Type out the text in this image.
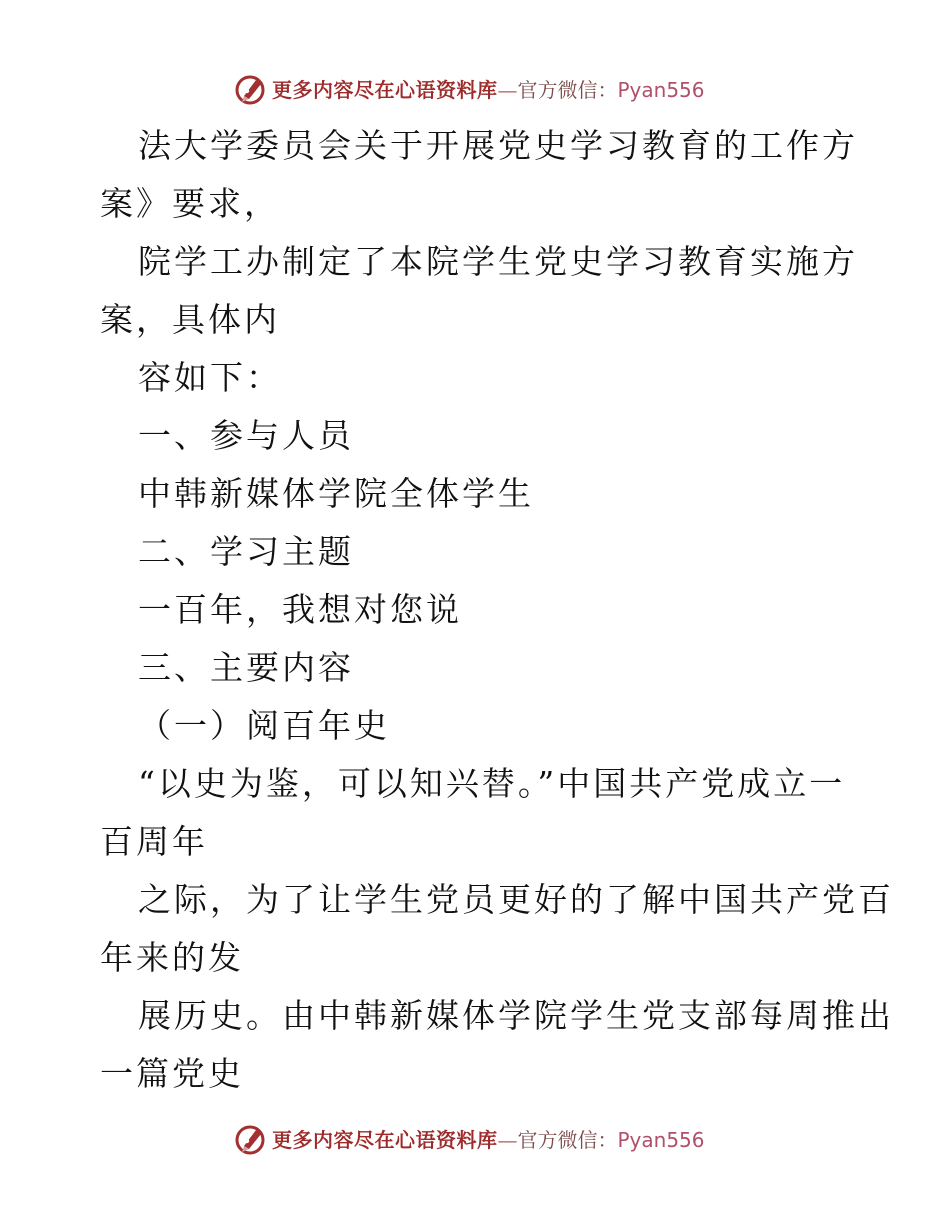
更多内容尽在心语资料库—官方微信：Pyan556
法大学委员会关于开展党史学习教育的工作方
案》要求，
院学工办制定了本院学生党史学习教育实施方
案，具体内
容如下：
一、参与人员
中韩新媒体学院全体学生
二、学习主题
一百年，我想对您说
三、主要内容
（一）阅百年史
“以史为鉴，可以知兴替。”中国共产党成立一
百周年
之际，为了让学生党员更好的了解中国共产党百
年来的发
展历史。由中韩新媒体学院学生党支部每周推出
一篇党史
更多内容尽在心语资料库—官方微信：Pyan556
